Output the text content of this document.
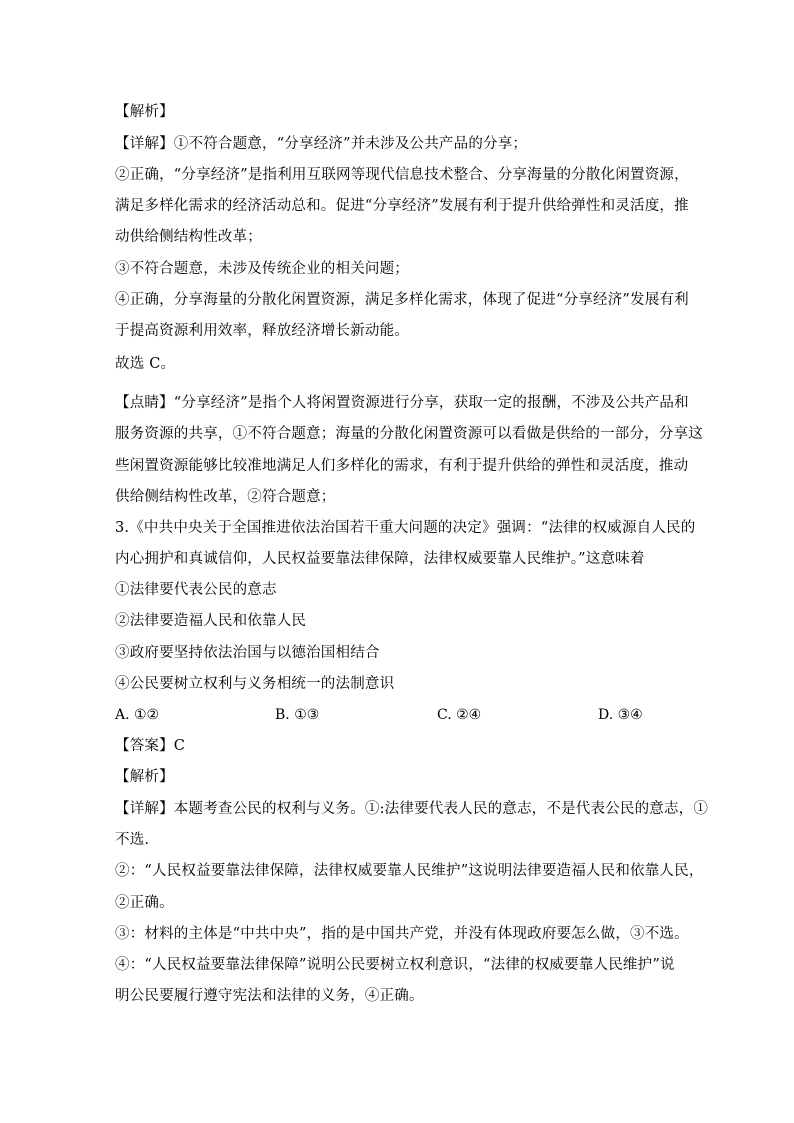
【解析】
【详解】①不符合题意，“分享经济”并未涉及公共产品的分享；
②正确，“分享经济”是指利用互联网等现代信息技术整合、分享海量的分散化闲置资源，
满足多样化需求的经济活动总和。促进“分享经济”发展有利于提升供给弹性和灵活度，推
动供给侧结构性改革；
③不符合题意，未涉及传统企业的相关问题；
④正确，分享海量的分散化闲置资源，满足多样化需求，体现了促进“分享经济”发展有利
于提高资源利用效率，释放经济增长新动能。
故选 C。
【点睛】“分享经济”是指个人将闲置资源进行分享，获取一定的报酬，不涉及公共产品和
服务资源的共享，①不符合题意；海量的分散化闲置资源可以看做是供给的一部分，分享这
些闲置资源能够比较准地满足人们多样化的需求，有利于提升供给的弹性和灵活度，推动
供给侧结构性改革，②符合题意；
3.《中共中央关于全国推进依法治国若干重大问题的决定》强调：“法律的权威源自人民的
内心拥护和真诚信仰，人民权益要靠法律保障，法律权威要靠人民维护。”这意味着
①法律要代表公民的意志
②法律要造福人民和依靠人民
③政府要坚持依法治国与以德治国相结合
④公民要树立权利与义务相统一的法制意识
A. ①②	B. ①③	C. ②④	D. ③④
【答案】C
【解析】
【详解】本题考查公民的权利与义务。①:法律要代表人民的意志，不是代表公民的意志，①
不选.
②：“人民权益要靠法律保障，法律权威要靠人民维护”这说明法律要造福人民和依靠人民，
②正确。
③：材料的主体是“中共中央”，指的是中国共产党，并没有体现政府要怎么做，③不选。
④：“人民权益要靠法律保障”说明公民要树立权利意识，“法律的权威要靠人民维护”说
明公民要履行遵守宪法和法律的义务，④正确。
